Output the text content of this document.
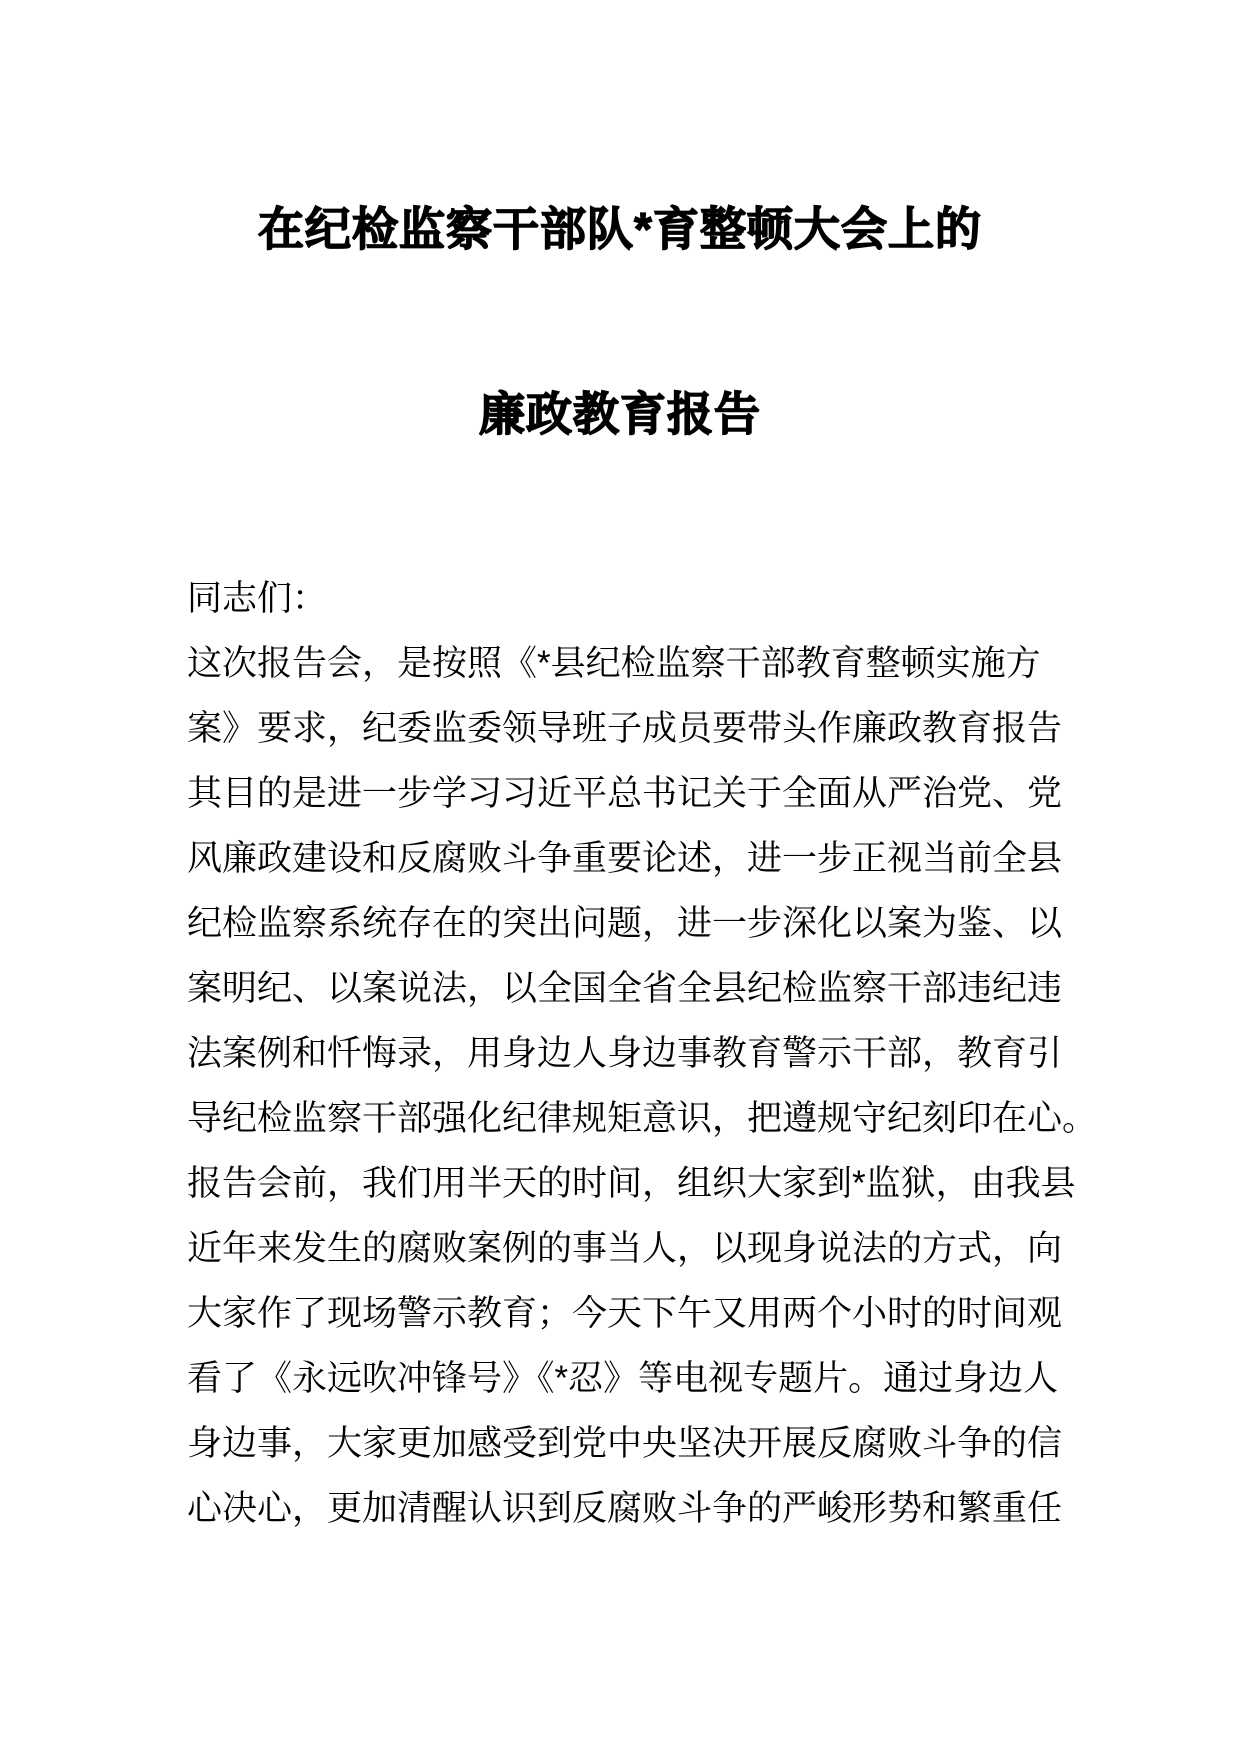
在纪检监察干部队*育整顿大会上的
廉政教育报告
同志们：
这次报告会，是按照《*县纪检监察干部教育整顿实施方
案》要求，纪委监委领导班子成员要带头作廉政教育报告
其目的是进一步学习习近平总书记关于全面从严治党、党
风廉政建设和反腐败斗争重要论述，进一步正视当前全县
纪检监察系统存在的突出问题，进一步深化以案为鉴、以
案明纪、以案说法，以全国全省全县纪检监察干部违纪违
法案例和忏悔录，用身边人身边事教育警示干部，教育引
导纪检监察干部强化纪律规矩意识，把遵规守纪刻印在心。
报告会前，我们用半天的时间，组织大家到*监狱，由我县
近年来发生的腐败案例的事当人，以现身说法的方式，向
大家作了现场警示教育；今天下午又用两个小时的时间观
看了《永远吹冲锋号》《*忍》等电视专题片。通过身边人
身边事，大家更加感受到党中央坚决开展反腐败斗争的信
心决心，更加清醒认识到反腐败斗争的严峻形势和繁重任
